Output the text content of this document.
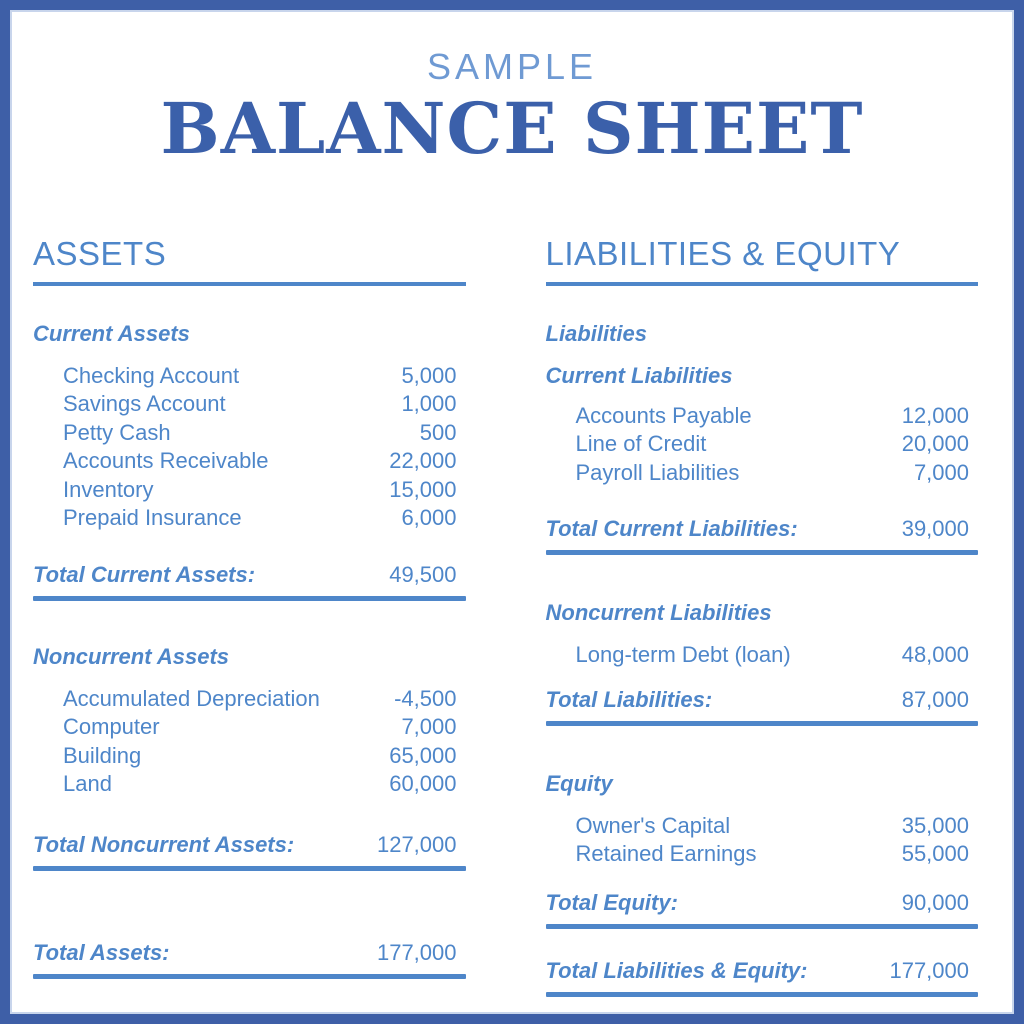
SAMPLE
BALANCE SHEET
ASSETS
Current Assets
Checking Account	5,000
Savings Account	1,000
Petty Cash	500
Accounts Receivable	22,000
Inventory	15,000
Prepaid Insurance	6,000
Total Current Assets:	49,500
Noncurrent Assets
Accumulated Depreciation	-4,500
Computer	7,000
Building	65,000
Land	60,000
Total Noncurrent Assets:	127,000
Total Assets:	177,000
LIABILITIES & EQUITY
Liabilities
Current Liabilities
Accounts Payable	12,000
Line of Credit	20,000
Payroll Liabilities	7,000
Total Current Liabilities:	39,000
Noncurrent Liabilities
Long-term Debt (loan)	48,000
Total Liabilities:	87,000
Equity
Owner's Capital	35,000
Retained Earnings	55,000
Total Equity:	90,000
Total Liabilities & Equity:	177,000
